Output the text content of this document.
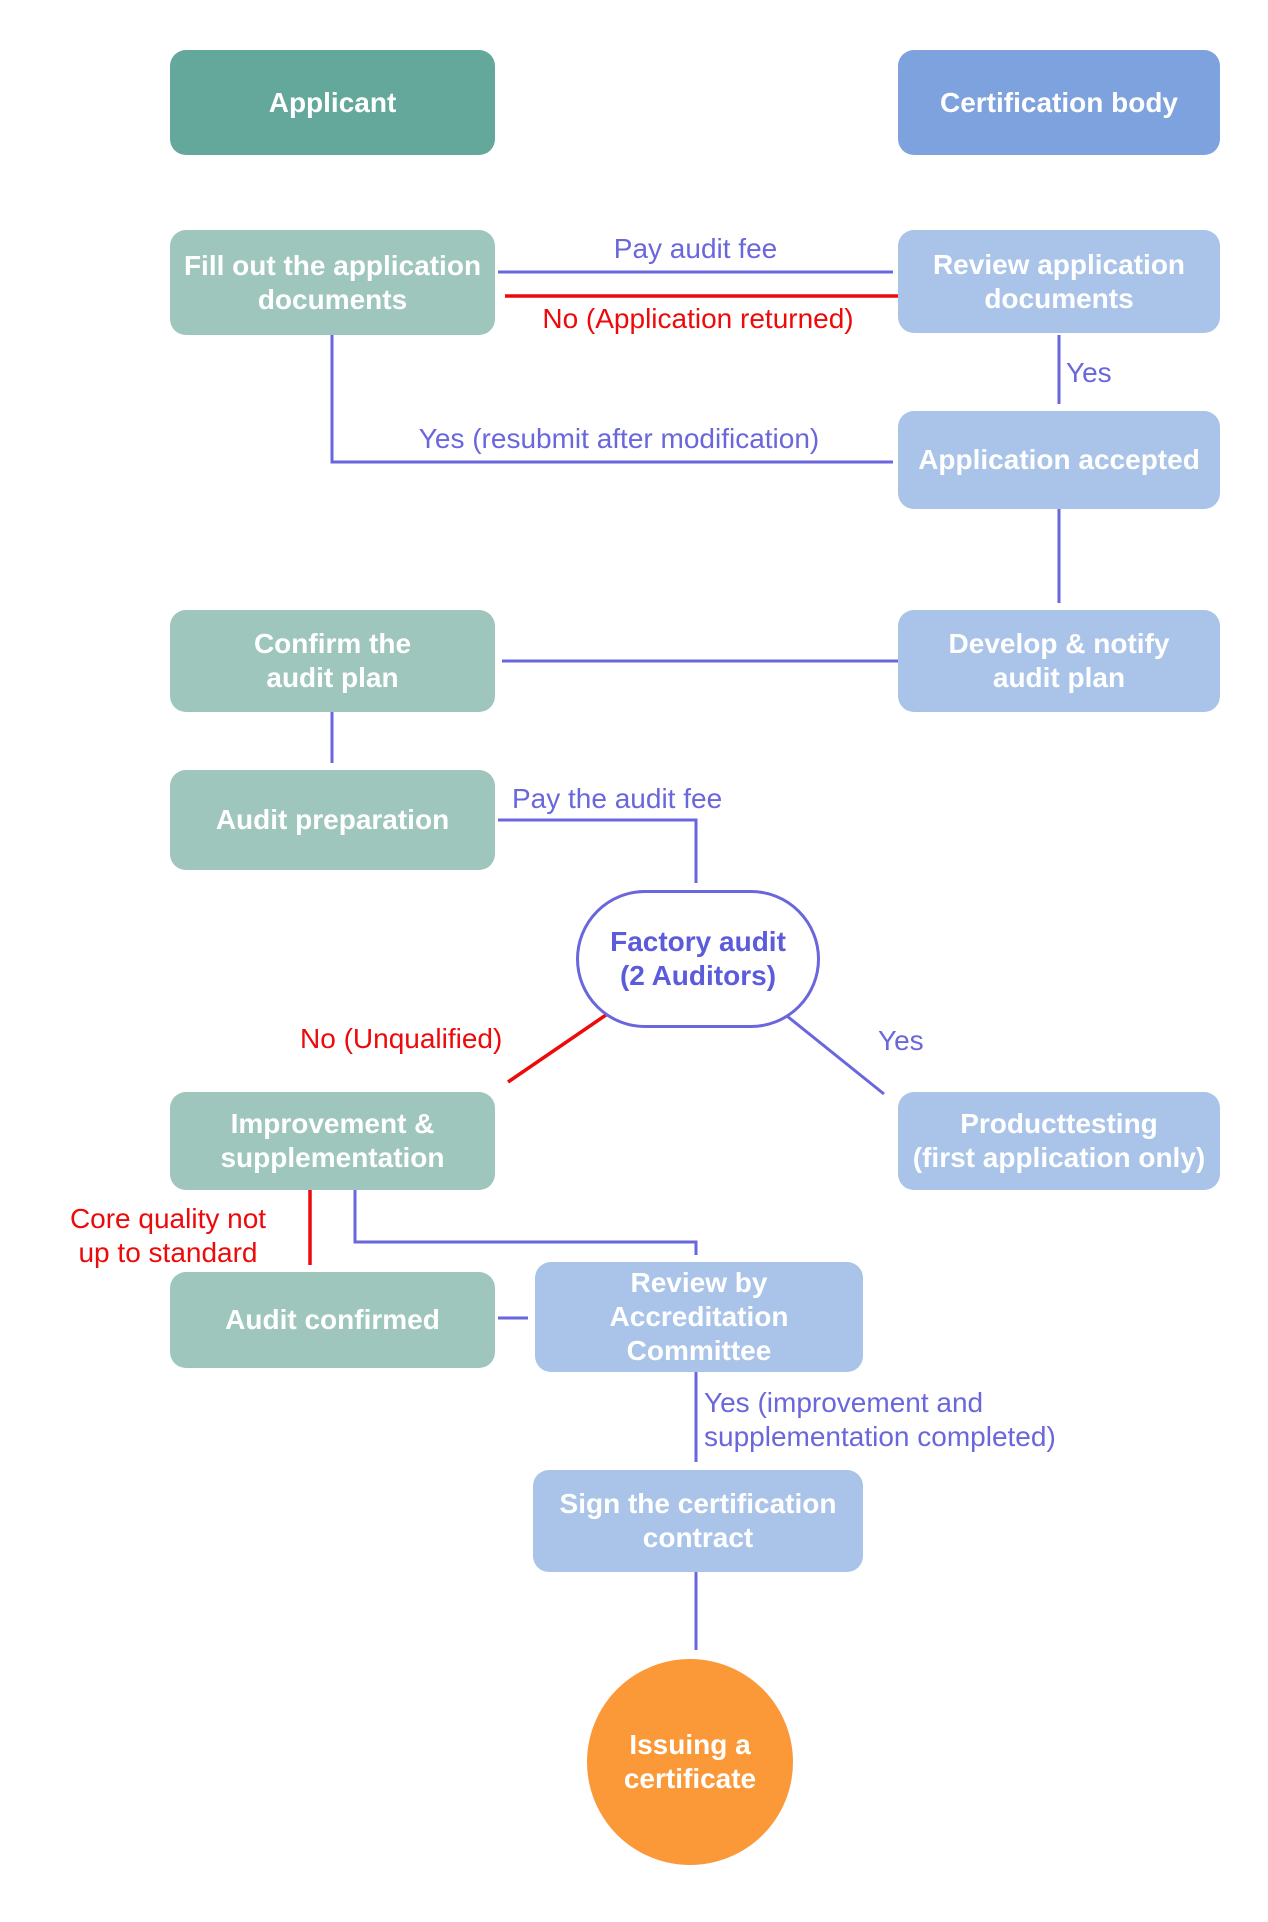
Applicant	Certification body
Fill out the application
documents
Review application
documents
Application accepted
Confirm the
audit plan
Develop & notify
audit plan
Audit preparation
Factory audit
(2 Auditors)
Improvement &
supplementation
Producttesting
(first application only)
Audit confirmed
Review by
Accreditation
Committee
Sign the certification
contract
Issuing a
certificate
Pay audit fee
No (Application returned)
Yes
Yes (resubmit after modification)
Pay the audit fee
No (Unqualified)	Yes
Core quality not
up to standard
Yes (improvement and
supplementation completed)
